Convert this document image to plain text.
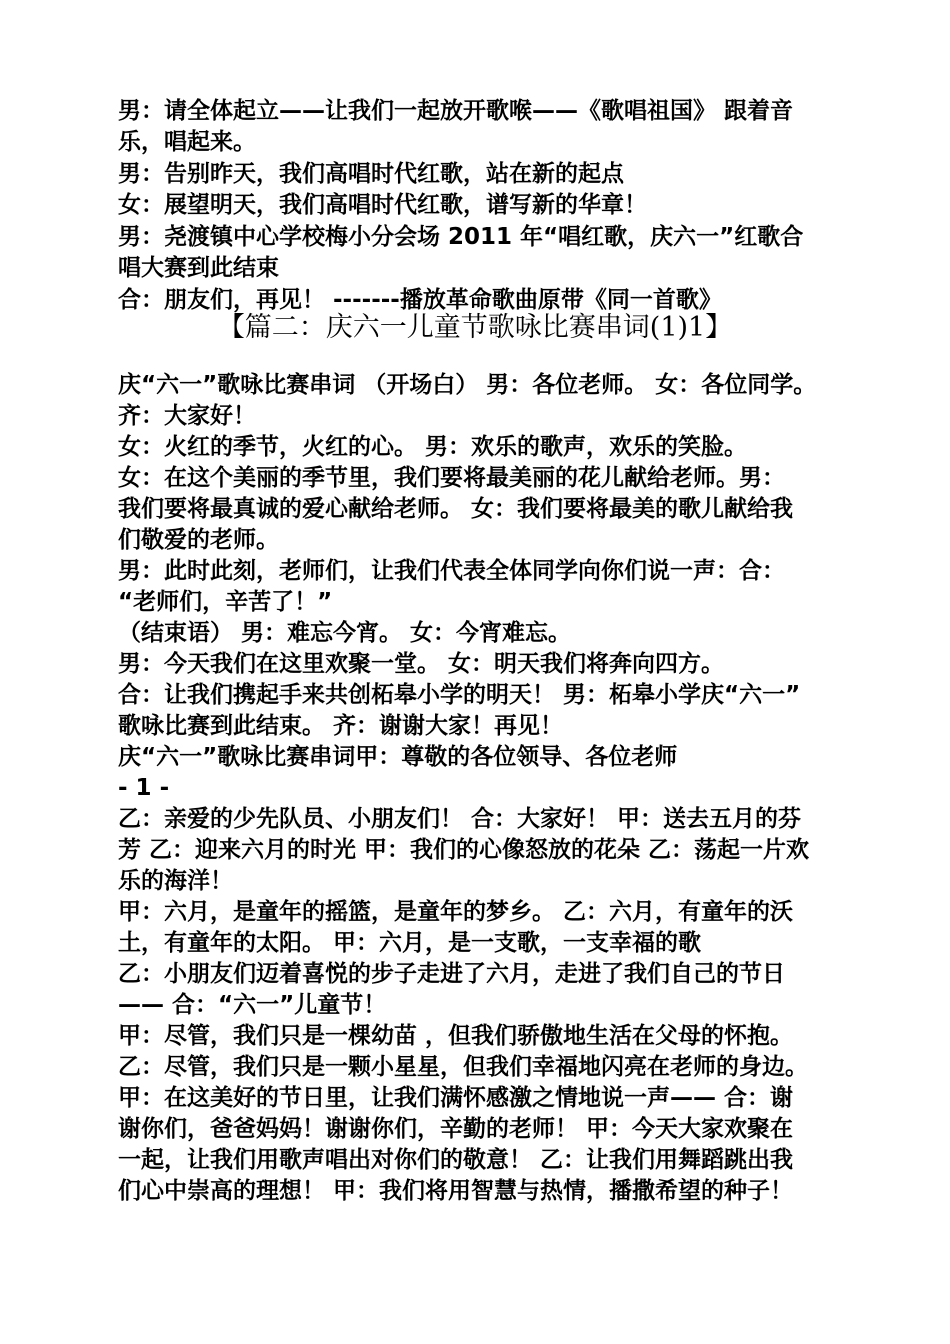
男：请全体起立——让我们一起放开歌喉——《歌唱祖国》 跟着音
乐，唱起来。
男：告别昨天，我们高唱时代红歌，站在新的起点
女：展望明天，我们高唱时代红歌，谱写新的华章！
男：尧渡镇中心学校梅小分会场 2011 年“唱红歌，庆六一”红歌合
唱大赛到此结束
合：朋友们，再见！ -------播放革命歌曲原带《同一首歌》
【篇二：庆六一儿童节歌咏比赛串词(1)1】
庆“六一”歌咏比赛串词 （开场白） 男：各位老师。 女：各位同学。
齐：大家好！
女：火红的季节，火红的心。 男：欢乐的歌声，欢乐的笑脸。
女：在这个美丽的季节里，我们要将最美丽的花儿献给老师。男：
我们要将最真诚的爱心献给老师。 女：我们要将最美的歌儿献给我
们敬爱的老师。
男：此时此刻，老师们，让我们代表全体同学向你们说一声：合：
“老师们，辛苦了！”
（结束语） 男：难忘今宵。 女：今宵难忘。
男：今天我们在这里欢聚一堂。 女：明天我们将奔向四方。
合：让我们携起手来共创柘皋小学的明天！ 男：柘皋小学庆“六一”
歌咏比赛到此结束。 齐：谢谢大家！再见！
庆“六一”歌咏比赛串词甲：尊敬的各位领导、各位老师
- 1 -
乙：亲爱的少先队员、小朋友们！ 合：大家好！ 甲：送去五月的芬
芳 乙：迎来六月的时光 甲：我们的心像怒放的花朵 乙：荡起一片欢
乐的海洋！
甲：六月，是童年的摇篮，是童年的梦乡。 乙：六月，有童年的沃
土，有童年的太阳。 甲：六月，是一支歌，一支幸福的歌
乙：小朋友们迈着喜悦的步子走进了六月，走进了我们自己的节日
—— 合：“六一”儿童节！
甲：尽管，我们只是一棵幼苗 ，但我们骄傲地生活在父母的怀抱。
乙：尽管，我们只是一颗小星星，但我们幸福地闪亮在老师的身边。
甲：在这美好的节日里，让我们满怀感激之情地说一声—— 合：谢
谢你们，爸爸妈妈！谢谢你们，辛勤的老师！ 甲：今天大家欢聚在
一起，让我们用歌声唱出对你们的敬意！ 乙：让我们用舞蹈跳出我
们心中崇高的理想！ 甲：我们将用智慧与热情，播撒希望的种子！
